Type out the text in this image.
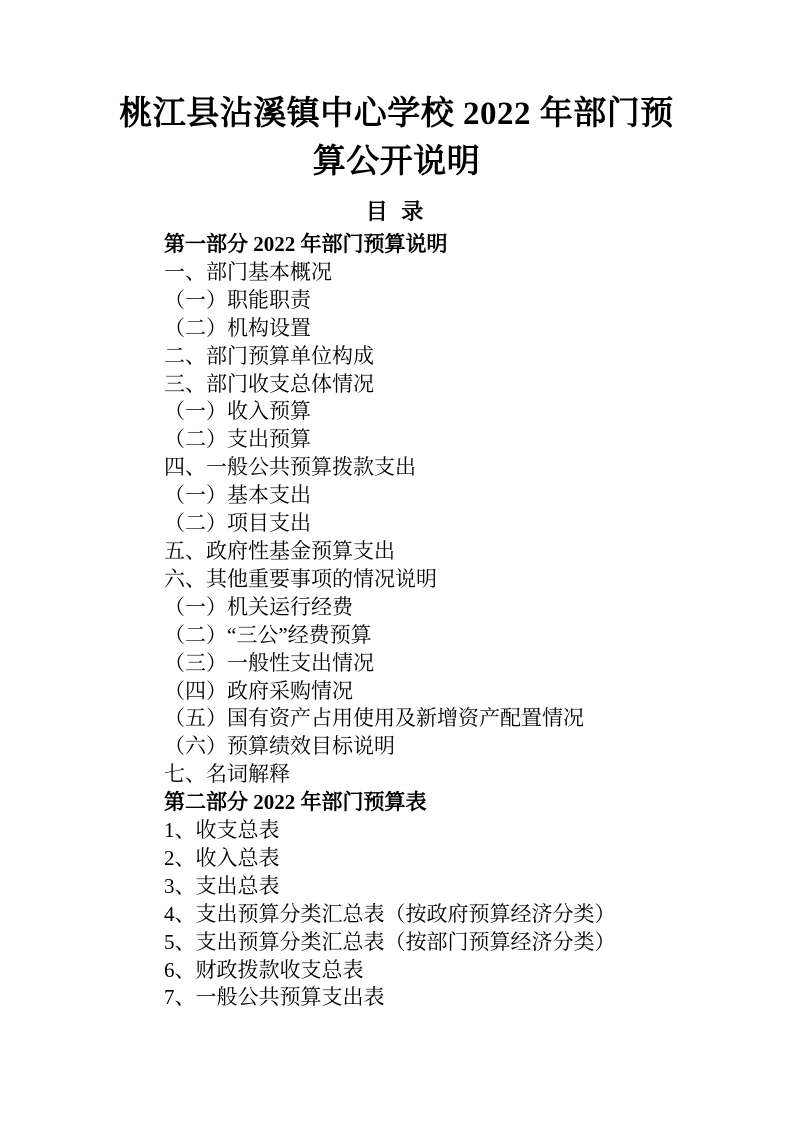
桃江县沾溪镇中心学校 2022 年部门预
算公开说明
目 录

第一部分 2022 年部门预算说明

一、部门基本概况

（一）职能职责

（二）机构设置

二、部门预算单位构成

三、部门收支总体情况

（一）收入预算

（二）支出预算

四、一般公共预算拨款支出

（一）基本支出

（二）项目支出

五、政府性基金预算支出

六、其他重要事项的情况说明

（一）机关运行经费

（二）“三公”经费预算

（三）一般性支出情况

（四）政府采购情况

（五）国有资产占用使用及新增资产配置情况

（六）预算绩效目标说明

七、名词解释

第二部分 2022 年部门预算表

1、收支总表

2、收入总表

3、支出总表

4、支出预算分类汇总表（按政府预算经济分类）

5、支出预算分类汇总表（按部门预算经济分类）

6、财政拨款收支总表

7、一般公共预算支出表
